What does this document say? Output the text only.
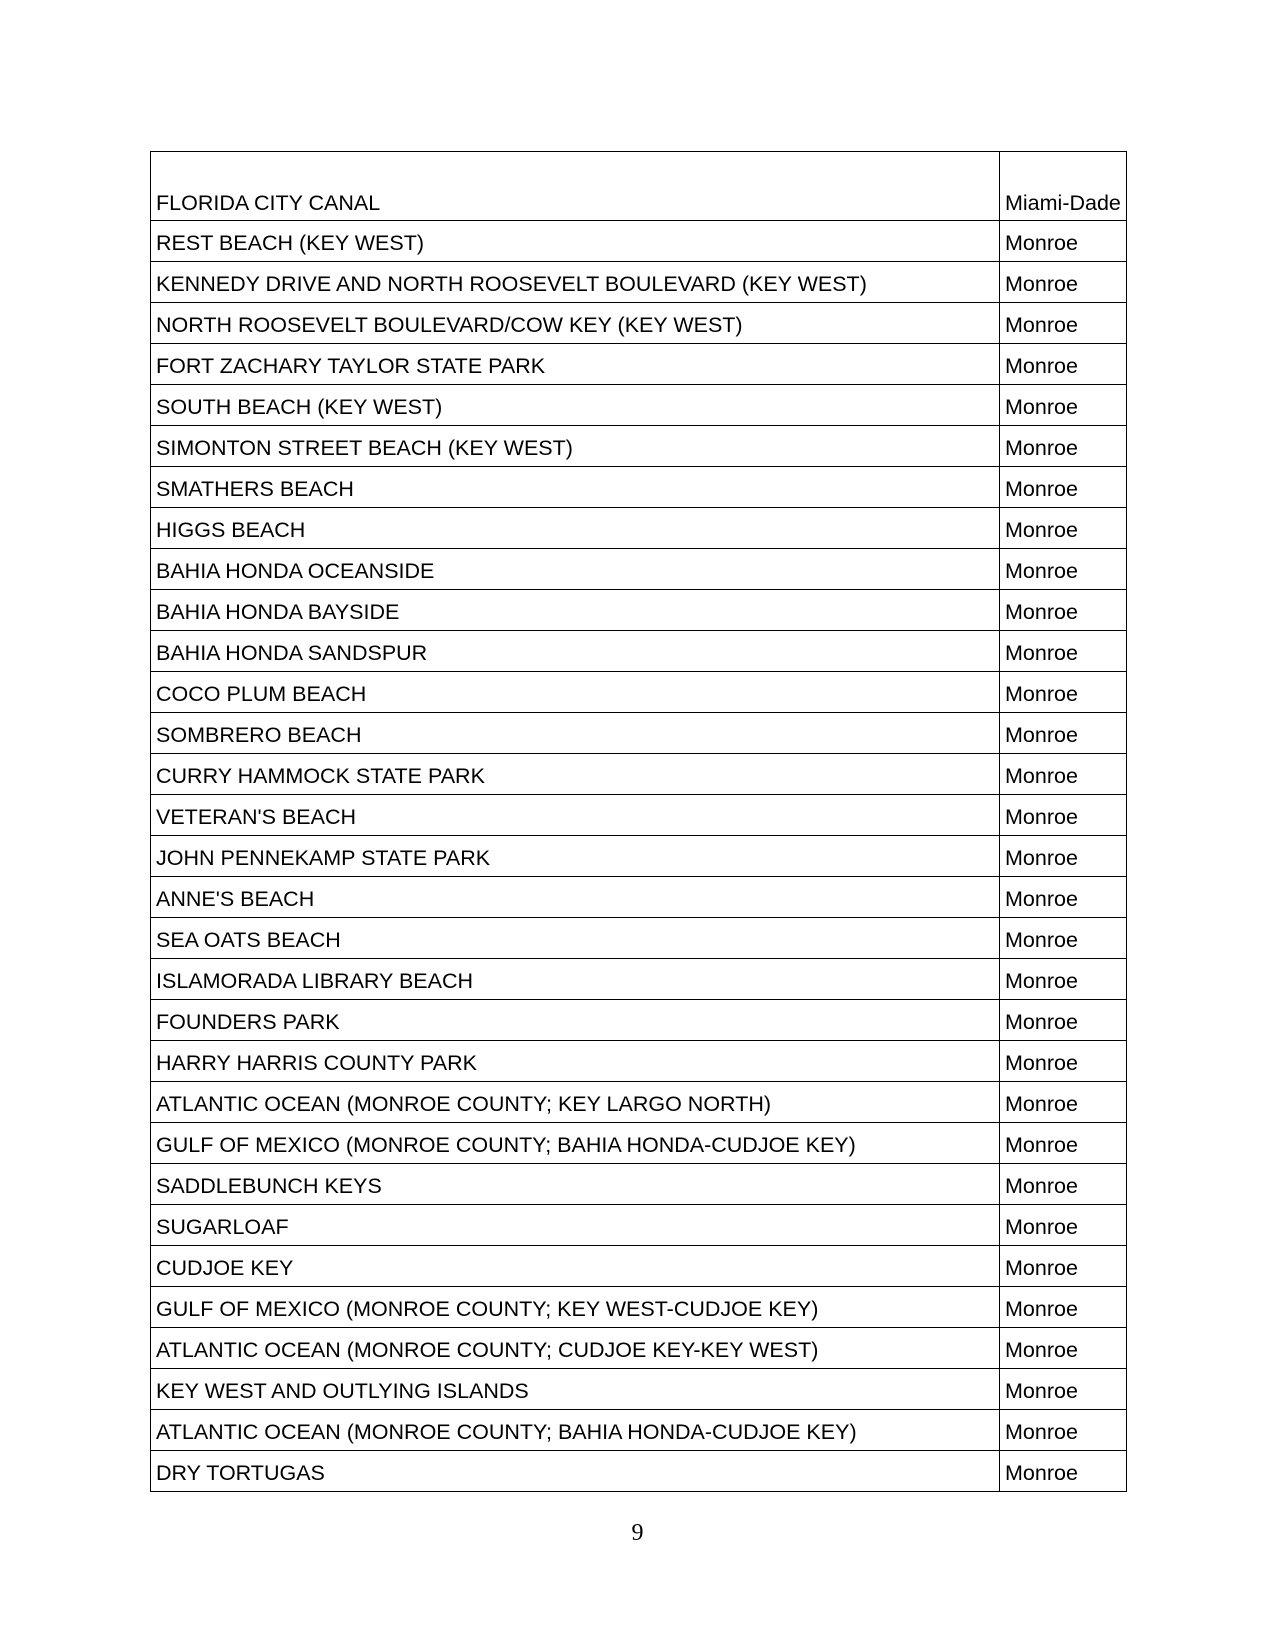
FLORIDA CITY CANAL	Miami-Dade
REST BEACH (KEY WEST)	Monroe
KENNEDY DRIVE AND NORTH ROOSEVELT BOULEVARD (KEY WEST)	Monroe
NORTH ROOSEVELT BOULEVARD/COW KEY (KEY WEST)	Monroe
FORT ZACHARY TAYLOR STATE PARK	Monroe
SOUTH BEACH (KEY WEST)	Monroe
SIMONTON STREET BEACH (KEY WEST)	Monroe
SMATHERS BEACH	Monroe
HIGGS BEACH	Monroe
BAHIA HONDA OCEANSIDE	Monroe
BAHIA HONDA BAYSIDE	Monroe
BAHIA HONDA SANDSPUR	Monroe
COCO PLUM BEACH	Monroe
SOMBRERO BEACH	Monroe
CURRY HAMMOCK STATE PARK	Monroe
VETERAN'S BEACH	Monroe
JOHN PENNEKAMP STATE PARK	Monroe
ANNE'S BEACH	Monroe
SEA OATS BEACH	Monroe
ISLAMORADA LIBRARY BEACH	Monroe
FOUNDERS PARK	Monroe
HARRY HARRIS COUNTY PARK	Monroe
ATLANTIC OCEAN (MONROE COUNTY; KEY LARGO NORTH)	Monroe
GULF OF MEXICO (MONROE COUNTY; BAHIA HONDA-CUDJOE KEY)	Monroe
SADDLEBUNCH KEYS	Monroe
SUGARLOAF	Monroe
CUDJOE KEY	Monroe
GULF OF MEXICO (MONROE COUNTY; KEY WEST-CUDJOE KEY)	Monroe
ATLANTIC OCEAN (MONROE COUNTY; CUDJOE KEY-KEY WEST)	Monroe
KEY WEST AND OUTLYING ISLANDS	Monroe
ATLANTIC OCEAN (MONROE COUNTY; BAHIA HONDA-CUDJOE KEY)	Monroe
DRY TORTUGAS	Monroe
9
